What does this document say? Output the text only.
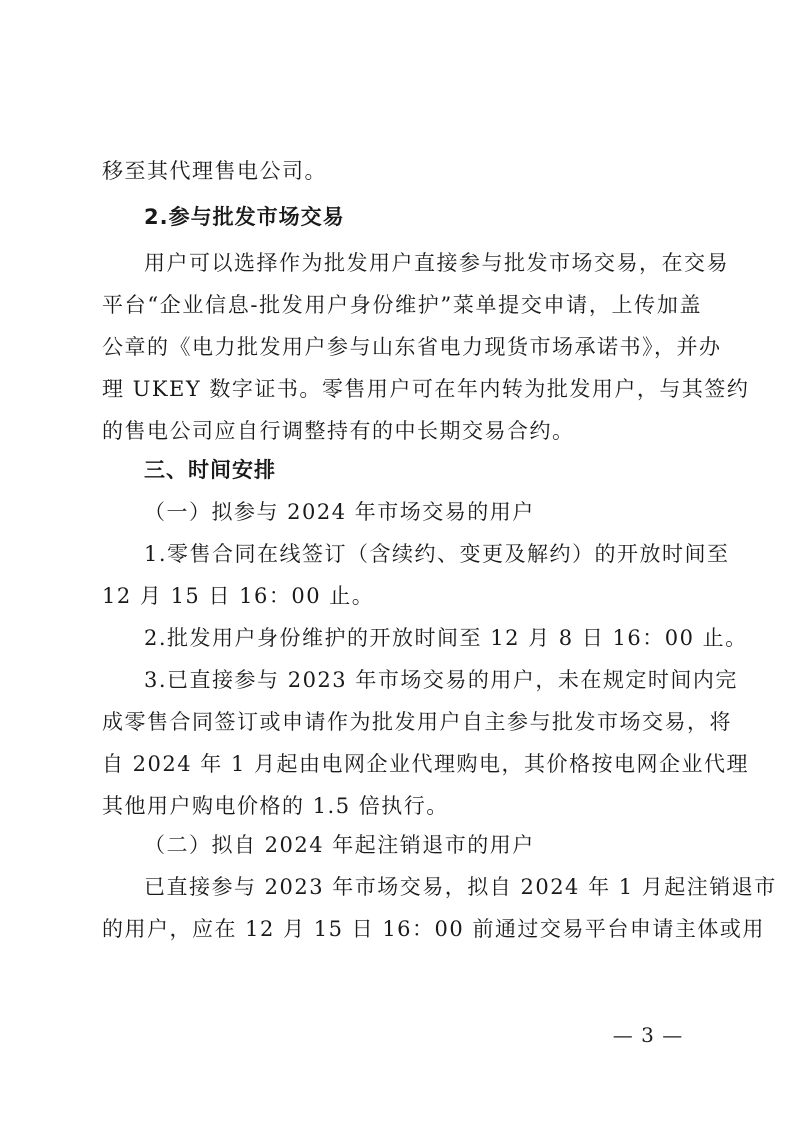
移至其代理售电公司。
2.参与批发市场交易
用户可以选择作为批发用户直接参与批发市场交易，在交易
平台“企业信息-批发用户身份维护”菜单提交申请，上传加盖
公章的《电力批发用户参与山东省电力现货市场承诺书》，并办
理 UKEY 数字证书。零售用户可在年内转为批发用户，与其签约
的售电公司应自行调整持有的中长期交易合约。
三、时间安排
（一）拟参与 2024 年市场交易的用户
1.零售合同在线签订（含续约、变更及解约）的开放时间至
12 月 15 日 16：00 止。
2.批发用户身份维护的开放时间至 12 月 8 日 16：00 止。
3.已直接参与 2023 年市场交易的用户，未在规定时间内完
成零售合同签订或申请作为批发用户自主参与批发市场交易，将
自 2024 年 1 月起由电网企业代理购电，其价格按电网企业代理
其他用户购电价格的 1.5 倍执行。
（二）拟自 2024 年起注销退市的用户
已直接参与 2023 年市场交易，拟自 2024 年 1 月起注销退市
的用户，应在 12 月 15 日 16：00 前通过交易平台申请主体或用
— 3 —
